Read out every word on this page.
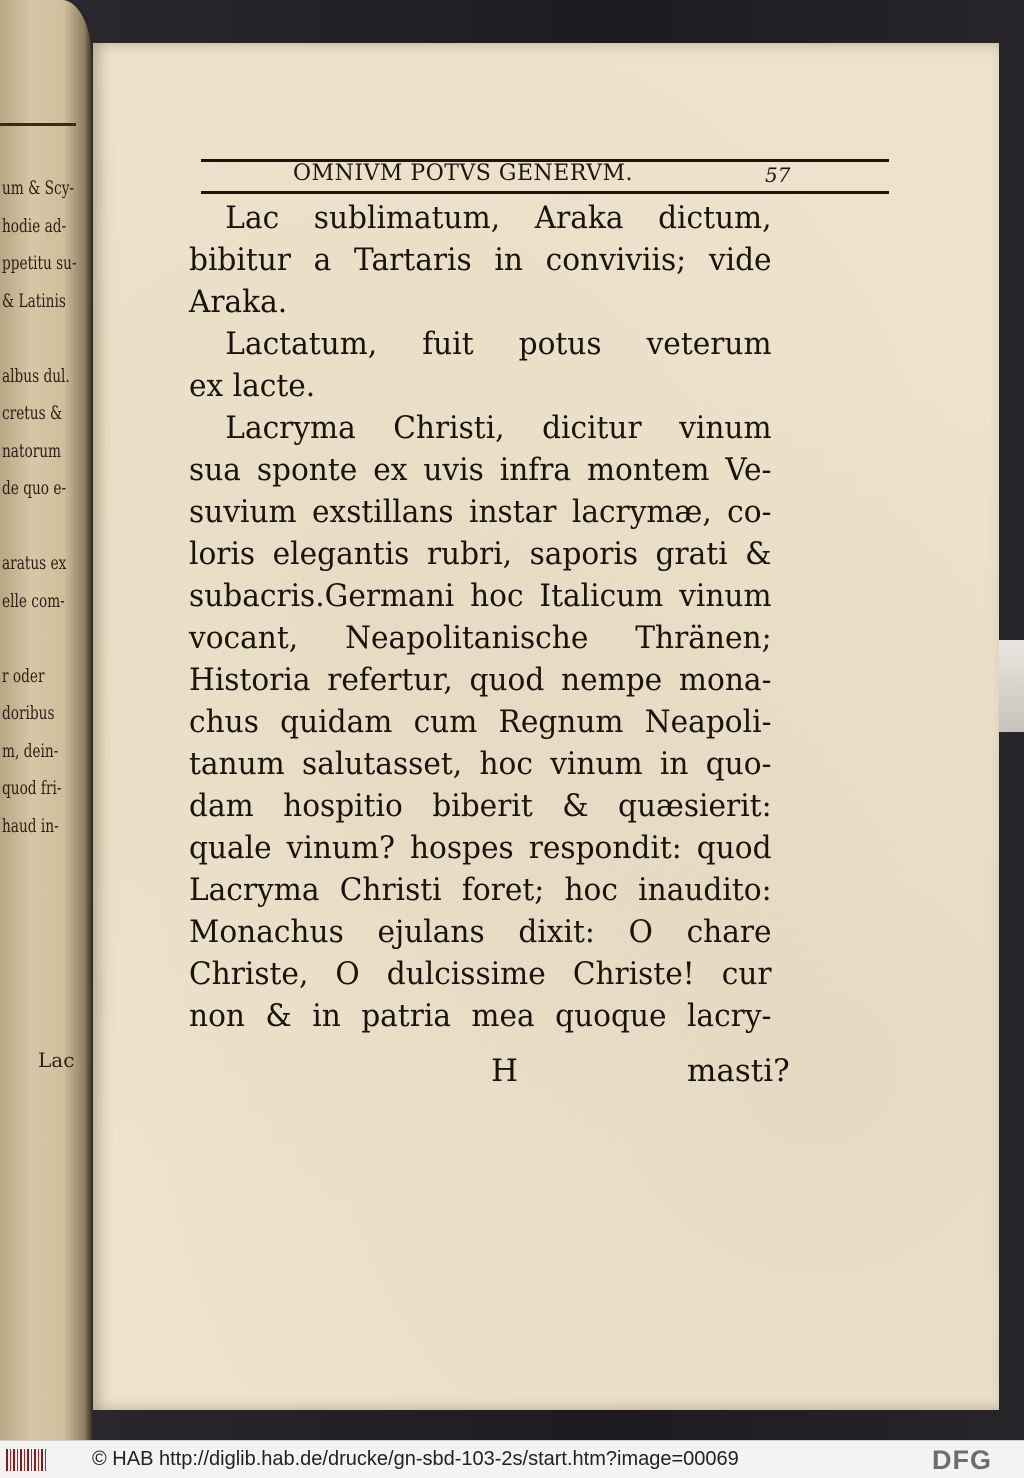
um & Scy-
hodie ad-
ppetitu su-
& Latinis
albus dul.
cretus &
natorum
de quo e-
aratus ex
elle com-
r oder
doribus
m, dein-
quod fri-
haud in-
Lac
OMNIVM POTVS GENERVM.	57
Lac sublimatum, Araka dictum,
bibitur a Tartaris in conviviis; vide
Araka.
Lactatum, fuit potus veterum
ex lacte.
Lacryma Christi, dicitur vinum
sua sponte ex uvis infra montem Ve-
suvium exstillans instar lacrymæ, co-
loris elegantis rubri, saporis grati &
subacris.Germani hoc Italicum vinum
vocant, Neapolitanische Thränen;
Historia refertur, quod nempe mona-
chus quidam cum Regnum Neapoli-
tanum salutasset, hoc vinum in quo-
dam hospitio biberit & quæsierit:
quale vinum? hospes respondit: quod
Lacryma Christi foret; hoc inaudito:
Monachus ejulans dixit: O chare
Christe, O dulcissime Christe! cur
non & in patria mea quoque lacry-
H	masti?
© HAB http://diglib.hab.de/drucke/gn-sbd-103-2s/start.htm?image=00069	DFG
